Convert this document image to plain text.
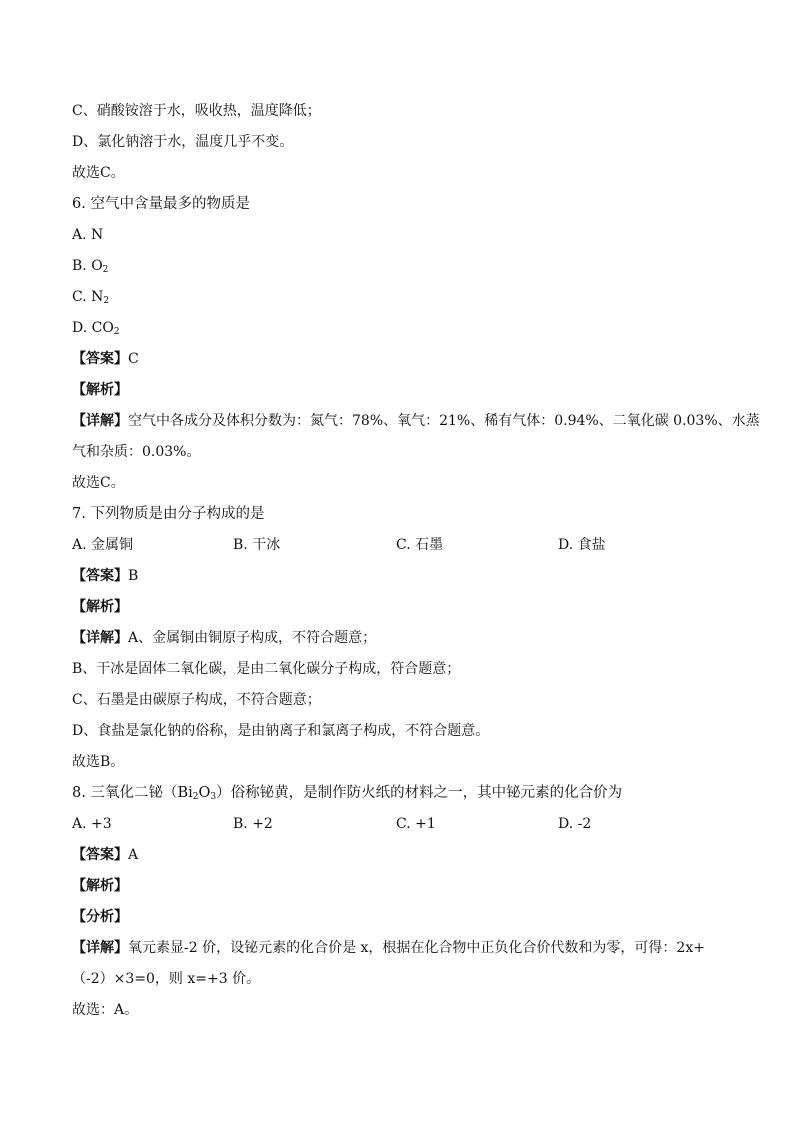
C、硝酸铵溶于水，吸收热，温度降低；
D、氯化钠溶于水，温度几乎不变。
故选C。
6. 空气中含量最多的物质是
A. N
B. $O_2$
C. $N_2$
D. $CO_2$
【答案】C
【解析】
【详解】空气中各成分及体积分数为：氮气：78%、氧气：21%、稀有气体：0.94%、二氧化碳 0.03%、水蒸
气和杂质：0.03%。
故选C。
7. 下列物质是由分子构成的是
A. 金属铜	B. 干冰	C. 石墨	D. 食盐
【答案】B
【解析】
【详解】A、金属铜由铜原子构成，不符合题意；
B、干冰是固体二氧化碳，是由二氧化碳分子构成，符合题意；
C、石墨是由碳原子构成，不符合题意；
D、食盐是氯化钠的俗称，是由钠离子和氯离子构成，不符合题意。
故选B。
8. 三氧化二铋$(Bi_2O_3)$俗称铋黄，是制作防火纸的材料之一，其中铋元素的化合价为
A. +3	B. +2	C. +1	D. -2
【答案】A
【解析】
【分析】
【详解】氧元素显-2 价，设铋元素的化合价是 x，根据在化合物中正负化合价代数和为零，可得：2x+
（-2）×3=0，则 x=+3 价。
故选：A。
